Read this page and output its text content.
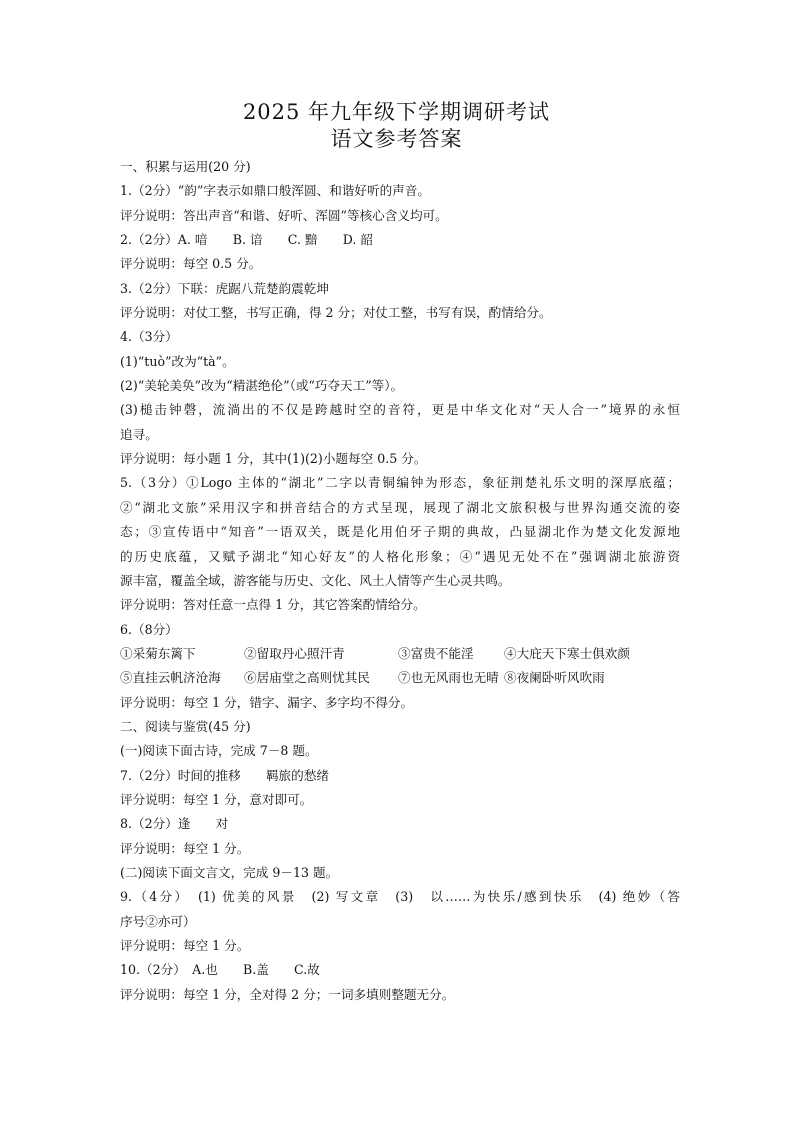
2025 年九年级下学期调研考试
语文参考答案
一、积累与运用(20 分)
1.（2分）“韵”字表示如鼎口般浑圆、和谐好听的声音。
评分说明：答出声音“和谐、好听、浑圆”等核心含义均可。
2.（2分）A. 喑　　B. 谙　　C. 黯　　D. 韶
评分说明：每空 0.5 分。
3.（2分）下联：虎踞八荒楚韵震乾坤
评分说明：对仗工整，书写正确，得 2 分；对仗工整，书写有误，酌情给分。
4.（3分）
(1)“tuò”改为“tà”。
(2)“美轮美奂”改为“精湛绝伦”（或“巧夺天工”等）。
(3)槌击钟磬，流淌出的不仅是跨越时空的音符，更是中华文化对“天人合一”境界的永恒
追寻。
评分说明：每小题 1 分，其中(1)(2)小题每空 0.5 分。
5.（3分）①Logo 主体的“湖北”二字以青铜编钟为形态，象征荆楚礼乐文明的深厚底蕴；
②“湖北文旅”采用汉字和拼音结合的方式呈现，展现了湖北文旅积极与世界沟通交流的姿
态；③宣传语中“知音”一语双关，既是化用伯牙子期的典故，凸显湖北作为楚文化发源地
的历史底蕴，又赋予湖北“知心好友”的人格化形象；④“遇见无处不在”强调湖北旅游资
源丰富，覆盖全域，游客能与历史、文化、风土人情等产生心灵共鸣。
评分说明：答对任意一点得 1 分，其它答案酌情给分。
6.（8分）
①采菊东篱下	②留取丹心照汗青	③富贵不能淫	④大庇天下寒士俱欢颜
⑤直挂云帆济沧海	⑥居庙堂之高则忧其民	⑦也无风雨也无晴 ⑧夜阑卧听风吹雨
评分说明：每空 1 分，错字、漏字、多字均不得分。
二、阅读与鉴赏(45 分)
(一)阅读下面古诗，完成 7－8 题。
7.（2分）时间的推移　　羁旅的愁绪
评分说明：每空 1 分，意对即可。
8.（2分）逢　　对
评分说明：每空 1 分。
(二)阅读下面文言文，完成 9－13 题。
9.（4分）　(1) 优美的风景　(2) 写文章　(3)　以……为快乐/感到快乐　(4) 绝妙（答
序号②亦可）
评分说明：每空 1 分。
10.（2分）　A.也　　B.盖　　C.故
评分说明：每空 1 分，全对得 2 分；一词多填则整题无分。
